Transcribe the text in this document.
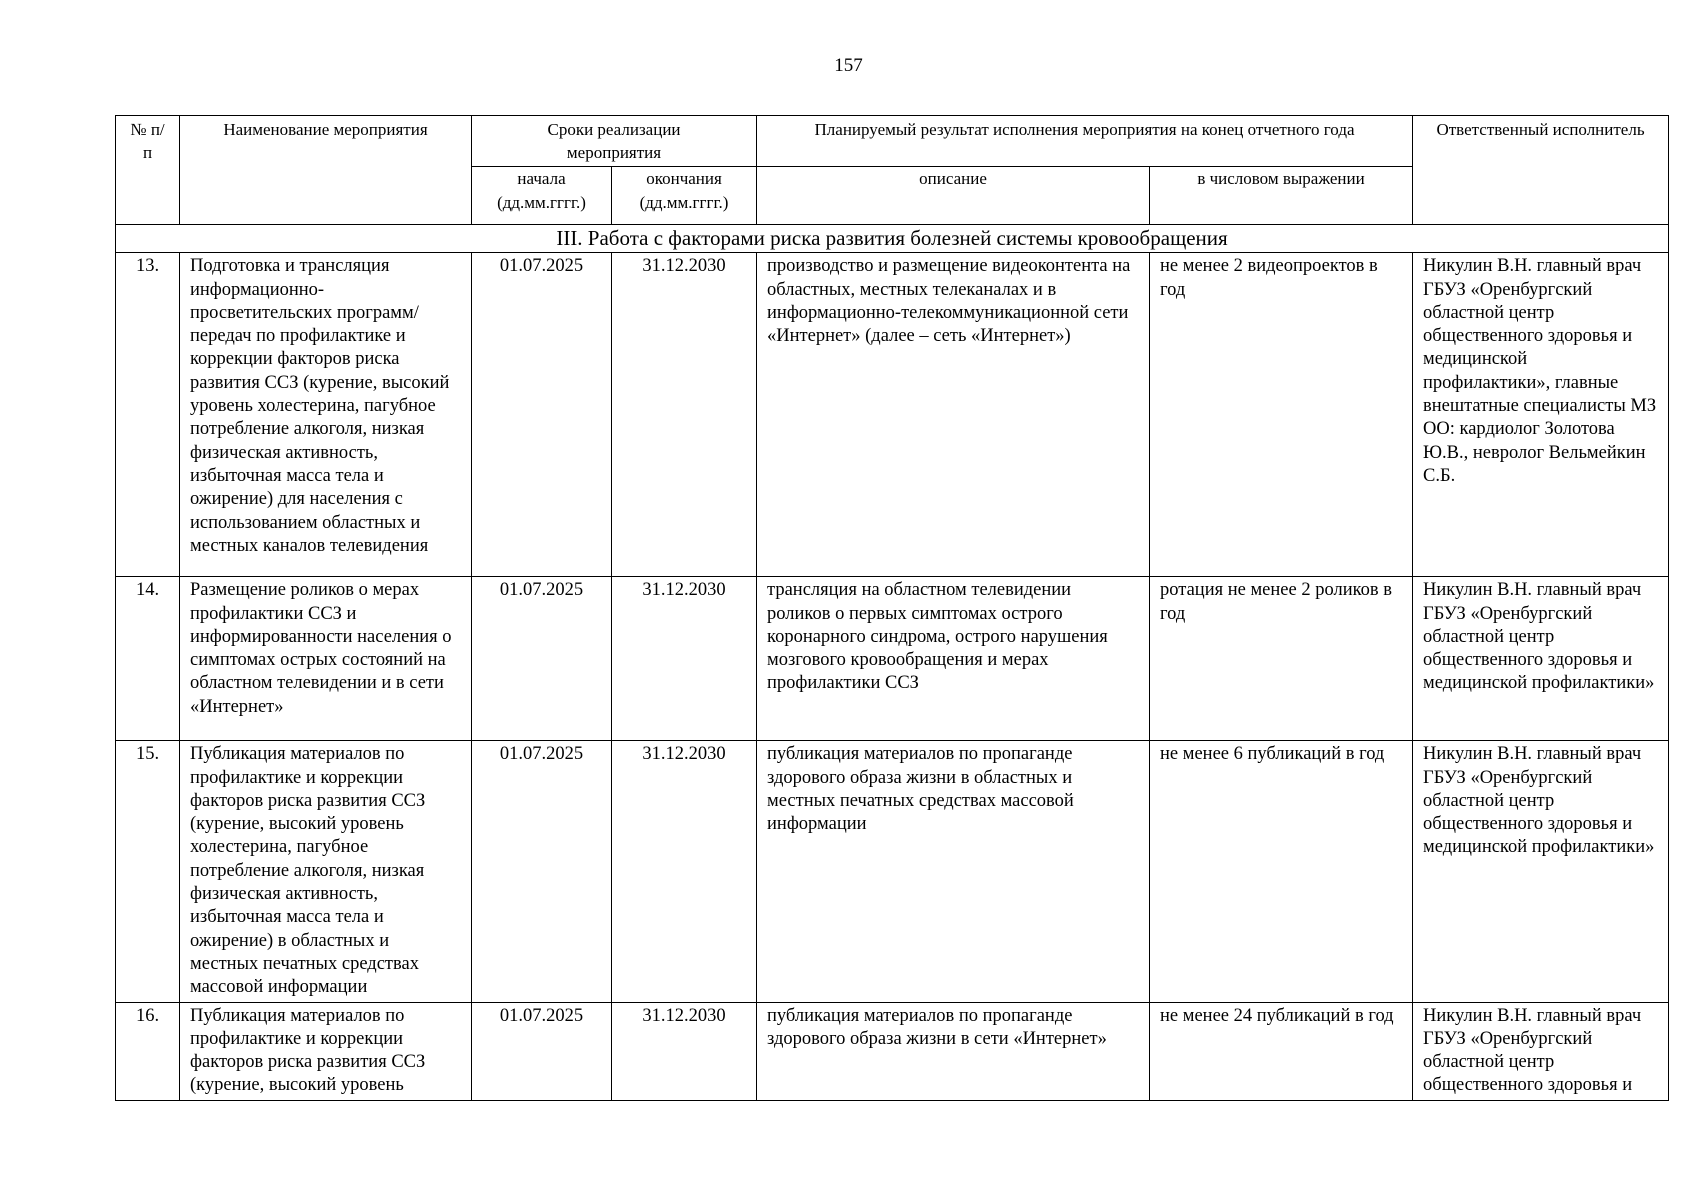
157
№ п/п	Наименование мероприятия	Сроки реализации мероприятия		Планируемый результат исполнения мероприятия на конец отчетного года		Ответственный исполнитель
		начала (дд.мм.гггг.)	окончания (дд.мм.гггг.)	описание	в числовом выражении	
III. Работа с факторами риска развития болезней системы кровообращения						
13.	Подготовка и трансляция информационно-просветительских программ/передач по профилактике и коррекции факторов риска развития ССЗ (курение, высокий уровень холестерина, пагубное потребление алкоголя, низкая физическая активность, избыточная масса тела и ожирение) для населения с использованием областных и местных каналов телевидения	01.07.2025	31.12.2030	производство и размещение видеоконтента на областных, местных телеканалах и в информационно-телекоммуникационной сети «Интернет» (далее – сеть «Интернет»)	не менее 2 видеопроектов в год	Никулин В.Н. главный врач ГБУЗ «Оренбургский областной центр общественного здоровья и медицинской профилактики», главные внештатные специалисты МЗ ОО: кардиолог Золотова Ю.В., невролог Вельмейкин С.Б.
14.	Размещение роликов о мерах профилактики ССЗ и информированности населения о симптомах острых состояний на областном телевидении и в сети «Интернет»	01.07.2025	31.12.2030	трансляция на областном телевидении роликов о первых симптомах острого коронарного синдрома, острого нарушения мозгового кровообращения и мерах профилактики ССЗ	ротация не менее 2 роликов в год	Никулин В.Н. главный врач ГБУЗ «Оренбургский областной центр общественного здоровья и медицинской профилактики»
15.	Публикация материалов по профилактике и коррекции факторов риска развития ССЗ (курение, высокий уровень холестерина, пагубное потребление алкоголя, низкая физическая активность, избыточная масса тела и ожирение) в областных и местных печатных средствах массовой информации	01.07.2025	31.12.2030	публикация материалов по пропаганде здорового образа жизни в областных и местных печатных средствах массовой информации	не менее 6 публикаций в год	Никулин В.Н. главный врач ГБУЗ «Оренбургский областной центр общественного здоровья и медицинской профилактики»
16.	Публикация материалов по профилактике и коррекции факторов риска развития ССЗ (курение, высокий уровень	01.07.2025	31.12.2030	публикация материалов по пропаганде здорового образа жизни в сети «Интернет»	не менее 24 публикаций в год	Никулин В.Н. главный врач ГБУЗ «Оренбургский областной центр общественного здоровья и
